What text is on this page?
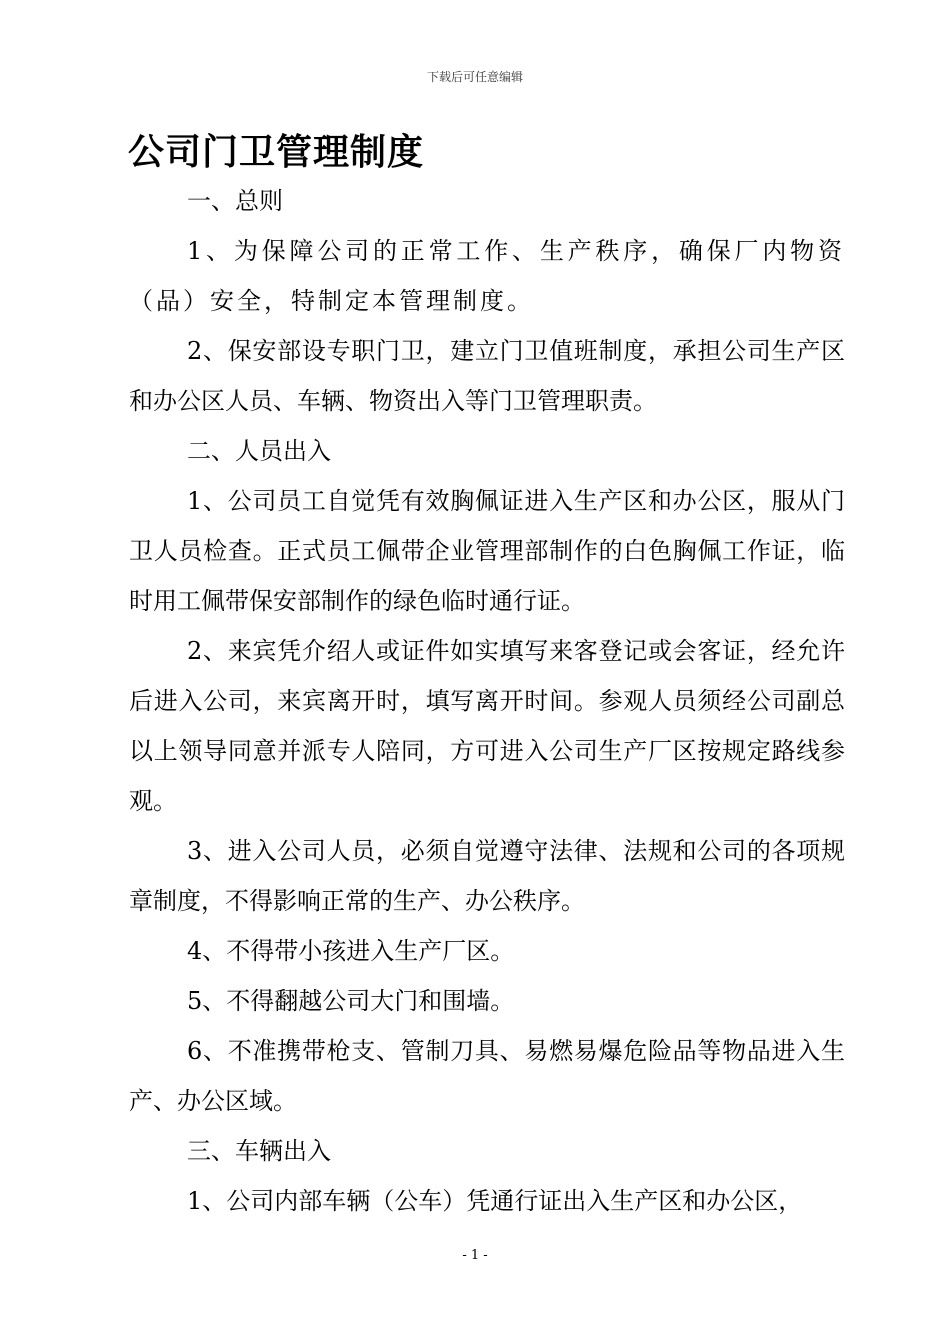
下载后可任意编辑
公司门卫管理制度

一、总则

1、为保障公司的正常工作、生产秩序，确保厂内物资（品）安全，特制定本管理制度。

2、保安部设专职门卫，建立门卫值班制度，承担公司生产区和办公区人员、车辆、物资出入等门卫管理职责。

二、人员出入

1、公司员工自觉凭有效胸佩证进入生产区和办公区，服从门卫人员检查。正式员工佩带企业管理部制作的白色胸佩工作证，临时用工佩带保安部制作的绿色临时通行证。

2、来宾凭介绍人或证件如实填写来客登记或会客证，经允许后进入公司，来宾离开时，填写离开时间。参观人员须经公司副总以上领导同意并派专人陪同，方可进入公司生产厂区按规定路线参观。

3、进入公司人员，必须自觉遵守法律、法规和公司的各项规章制度，不得影响正常的生产、办公秩序。

4、不得带小孩进入生产厂区。

5、不得翻越公司大门和围墙。

6、不准携带枪支、管制刀具、易燃易爆危险品等物品进入生产、办公区域。

三、车辆出入

1、公司内部车辆（公车）凭通行证出入生产区和办公区，

- 1 -
